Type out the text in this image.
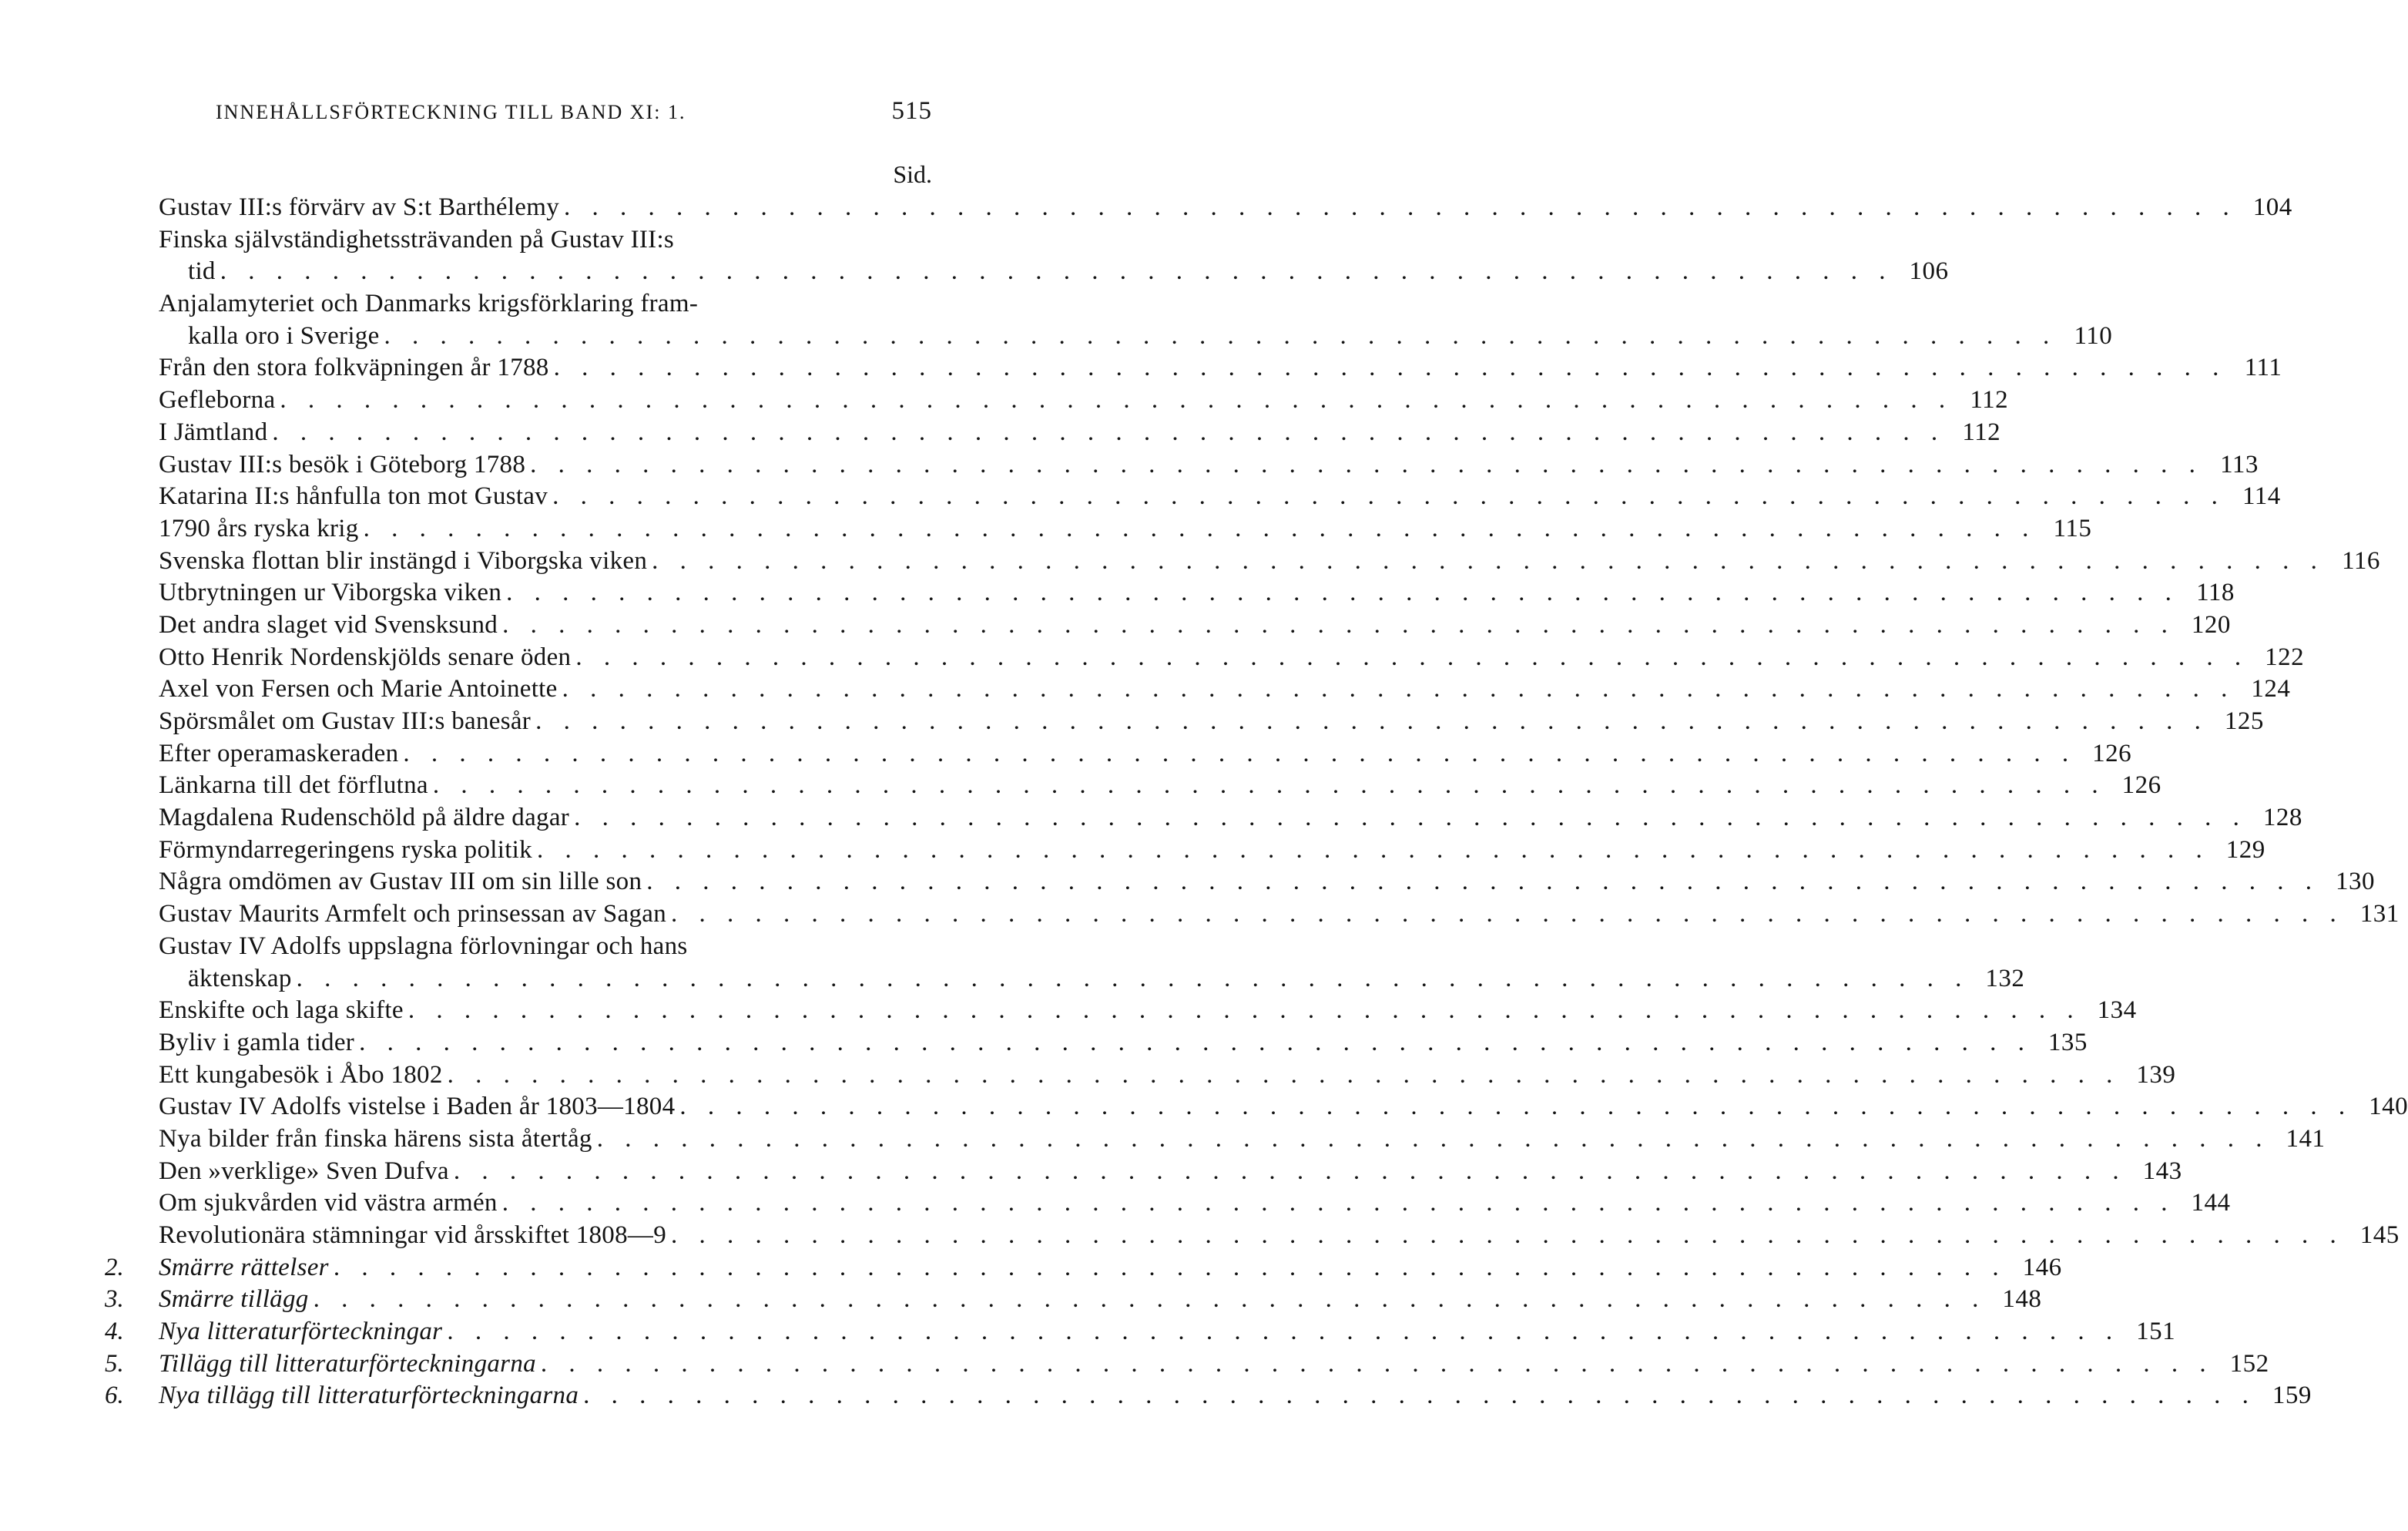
INNEHÅLLSFÖRTECKNING TILL BAND XI: 1.	515
Sid.
Gustav III:s förvärv av S:t Barthélemy . . . . . . . . . . . . . . . . . . . . . . . . . . . . . . . . . . . . . . . . . . . . . . . . . . . . . . . . . . . . 104
Finska självständighetssträvanden på Gustav III:s
tid . . . . . . . . . . . . . . . . . . . . . . . . . . . . . . . . . . . . . . . . . . . . . . . . . . . . . . . . . . . . 106
Anjalamyteriet och Danmarks krigsförklaring fram-
kalla oro i Sverige . . . . . . . . . . . . . . . . . . . . . . . . . . . . . . . . . . . . . . . . . . . . . . . . . . . . . . . . . . . . 110
Från den stora folkväpningen år 1788 . . . . . . . . . . . . . . . . . . . . . . . . . . . . . . . . . . . . . . . . . . . . . . . . . . . . . . . . . . . . 111
Gefleborna . . . . . . . . . . . . . . . . . . . . . . . . . . . . . . . . . . . . . . . . . . . . . . . . . . . . . . . . . . . . 112
I Jämtland . . . . . . . . . . . . . . . . . . . . . . . . . . . . . . . . . . . . . . . . . . . . . . . . . . . . . . . . . . . . 112
Gustav III:s besök i Göteborg 1788 . . . . . . . . . . . . . . . . . . . . . . . . . . . . . . . . . . . . . . . . . . . . . . . . . . . . . . . . . . . . 113
Katarina II:s hånfulla ton mot Gustav . . . . . . . . . . . . . . . . . . . . . . . . . . . . . . . . . . . . . . . . . . . . . . . . . . . . . . . . . . . . 114
1790 års ryska krig . . . . . . . . . . . . . . . . . . . . . . . . . . . . . . . . . . . . . . . . . . . . . . . . . . . . . . . . . . . . 115
Svenska flottan blir instängd i Viborgska viken . . . . . . . . . . . . . . . . . . . . . . . . . . . . . . . . . . . . . . . . . . . . . . . . . . . . . . . . . . . . 116
Utbrytningen ur Viborgska viken . . . . . . . . . . . . . . . . . . . . . . . . . . . . . . . . . . . . . . . . . . . . . . . . . . . . . . . . . . . . 118
Det andra slaget vid Svensksund . . . . . . . . . . . . . . . . . . . . . . . . . . . . . . . . . . . . . . . . . . . . . . . . . . . . . . . . . . . . 120
Otto Henrik Nordenskjölds senare öden . . . . . . . . . . . . . . . . . . . . . . . . . . . . . . . . . . . . . . . . . . . . . . . . . . . . . . . . . . . . 122
Axel von Fersen och Marie Antoinette . . . . . . . . . . . . . . . . . . . . . . . . . . . . . . . . . . . . . . . . . . . . . . . . . . . . . . . . . . . . 124
Spörsmålet om Gustav III:s banesår . . . . . . . . . . . . . . . . . . . . . . . . . . . . . . . . . . . . . . . . . . . . . . . . . . . . . . . . . . . . 125
Efter operamaskeraden . . . . . . . . . . . . . . . . . . . . . . . . . . . . . . . . . . . . . . . . . . . . . . . . . . . . . . . . . . . . 126
Länkarna till det förflutna . . . . . . . . . . . . . . . . . . . . . . . . . . . . . . . . . . . . . . . . . . . . . . . . . . . . . . . . . . . . 126
Magdalena Rudenschöld på äldre dagar . . . . . . . . . . . . . . . . . . . . . . . . . . . . . . . . . . . . . . . . . . . . . . . . . . . . . . . . . . . . 128
Förmyndarregeringens ryska politik . . . . . . . . . . . . . . . . . . . . . . . . . . . . . . . . . . . . . . . . . . . . . . . . . . . . . . . . . . . . 129
Några omdömen av Gustav III om sin lille son . . . . . . . . . . . . . . . . . . . . . . . . . . . . . . . . . . . . . . . . . . . . . . . . . . . . . . . . . . . . 130
Gustav Maurits Armfelt och prinsessan av Sagan . . . . . . . . . . . . . . . . . . . . . . . . . . . . . . . . . . . . . . . . . . . . . . . . . . . . . . . . . . . . 131
Gustav IV Adolfs uppslagna förlovningar och hans
äktenskap . . . . . . . . . . . . . . . . . . . . . . . . . . . . . . . . . . . . . . . . . . . . . . . . . . . . . . . . . . . . 132
Enskifte och laga skifte . . . . . . . . . . . . . . . . . . . . . . . . . . . . . . . . . . . . . . . . . . . . . . . . . . . . . . . . . . . . 134
Byliv i gamla tider . . . . . . . . . . . . . . . . . . . . . . . . . . . . . . . . . . . . . . . . . . . . . . . . . . . . . . . . . . . . 135
Ett kungabesök i Åbo 1802 . . . . . . . . . . . . . . . . . . . . . . . . . . . . . . . . . . . . . . . . . . . . . . . . . . . . . . . . . . . . 139
Gustav IV Adolfs vistelse i Baden år 1803—1804 . . . . . . . . . . . . . . . . . . . . . . . . . . . . . . . . . . . . . . . . . . . . . . . . . . . . . . . . . . . . 140
Nya bilder från finska härens sista återtåg . . . . . . . . . . . . . . . . . . . . . . . . . . . . . . . . . . . . . . . . . . . . . . . . . . . . . . . . . . . . 141
Den »verklige» Sven Dufva . . . . . . . . . . . . . . . . . . . . . . . . . . . . . . . . . . . . . . . . . . . . . . . . . . . . . . . . . . . . 143
Om sjukvården vid västra armén . . . . . . . . . . . . . . . . . . . . . . . . . . . . . . . . . . . . . . . . . . . . . . . . . . . . . . . . . . . . 144
Revolutionära stämningar vid årsskiftet 1808—9 . . . . . . . . . . . . . . . . . . . . . . . . . . . . . . . . . . . . . . . . . . . . . . . . . . . . . . . . . . . . 145
2.	Smärre rättelser . . . . . . . . . . . . . . . . . . . . . . . . . . . . . . . . . . . . . . . . . . . . . . . . . . . . . . . . . . . . 146
3.	Smärre tillägg . . . . . . . . . . . . . . . . . . . . . . . . . . . . . . . . . . . . . . . . . . . . . . . . . . . . . . . . . . . . 148
4.	Nya litteraturförteckningar . . . . . . . . . . . . . . . . . . . . . . . . . . . . . . . . . . . . . . . . . . . . . . . . . . . . . . . . . . . . 151
5.	Tillägg till litteraturförteckningarna . . . . . . . . . . . . . . . . . . . . . . . . . . . . . . . . . . . . . . . . . . . . . . . . . . . . . . . . . . . . 152
6.	Nya tillägg till litteraturförteckningarna . . . . . . . . . . . . . . . . . . . . . . . . . . . . . . . . . . . . . . . . . . . . . . . . . . . . . . . . . . . . 159
